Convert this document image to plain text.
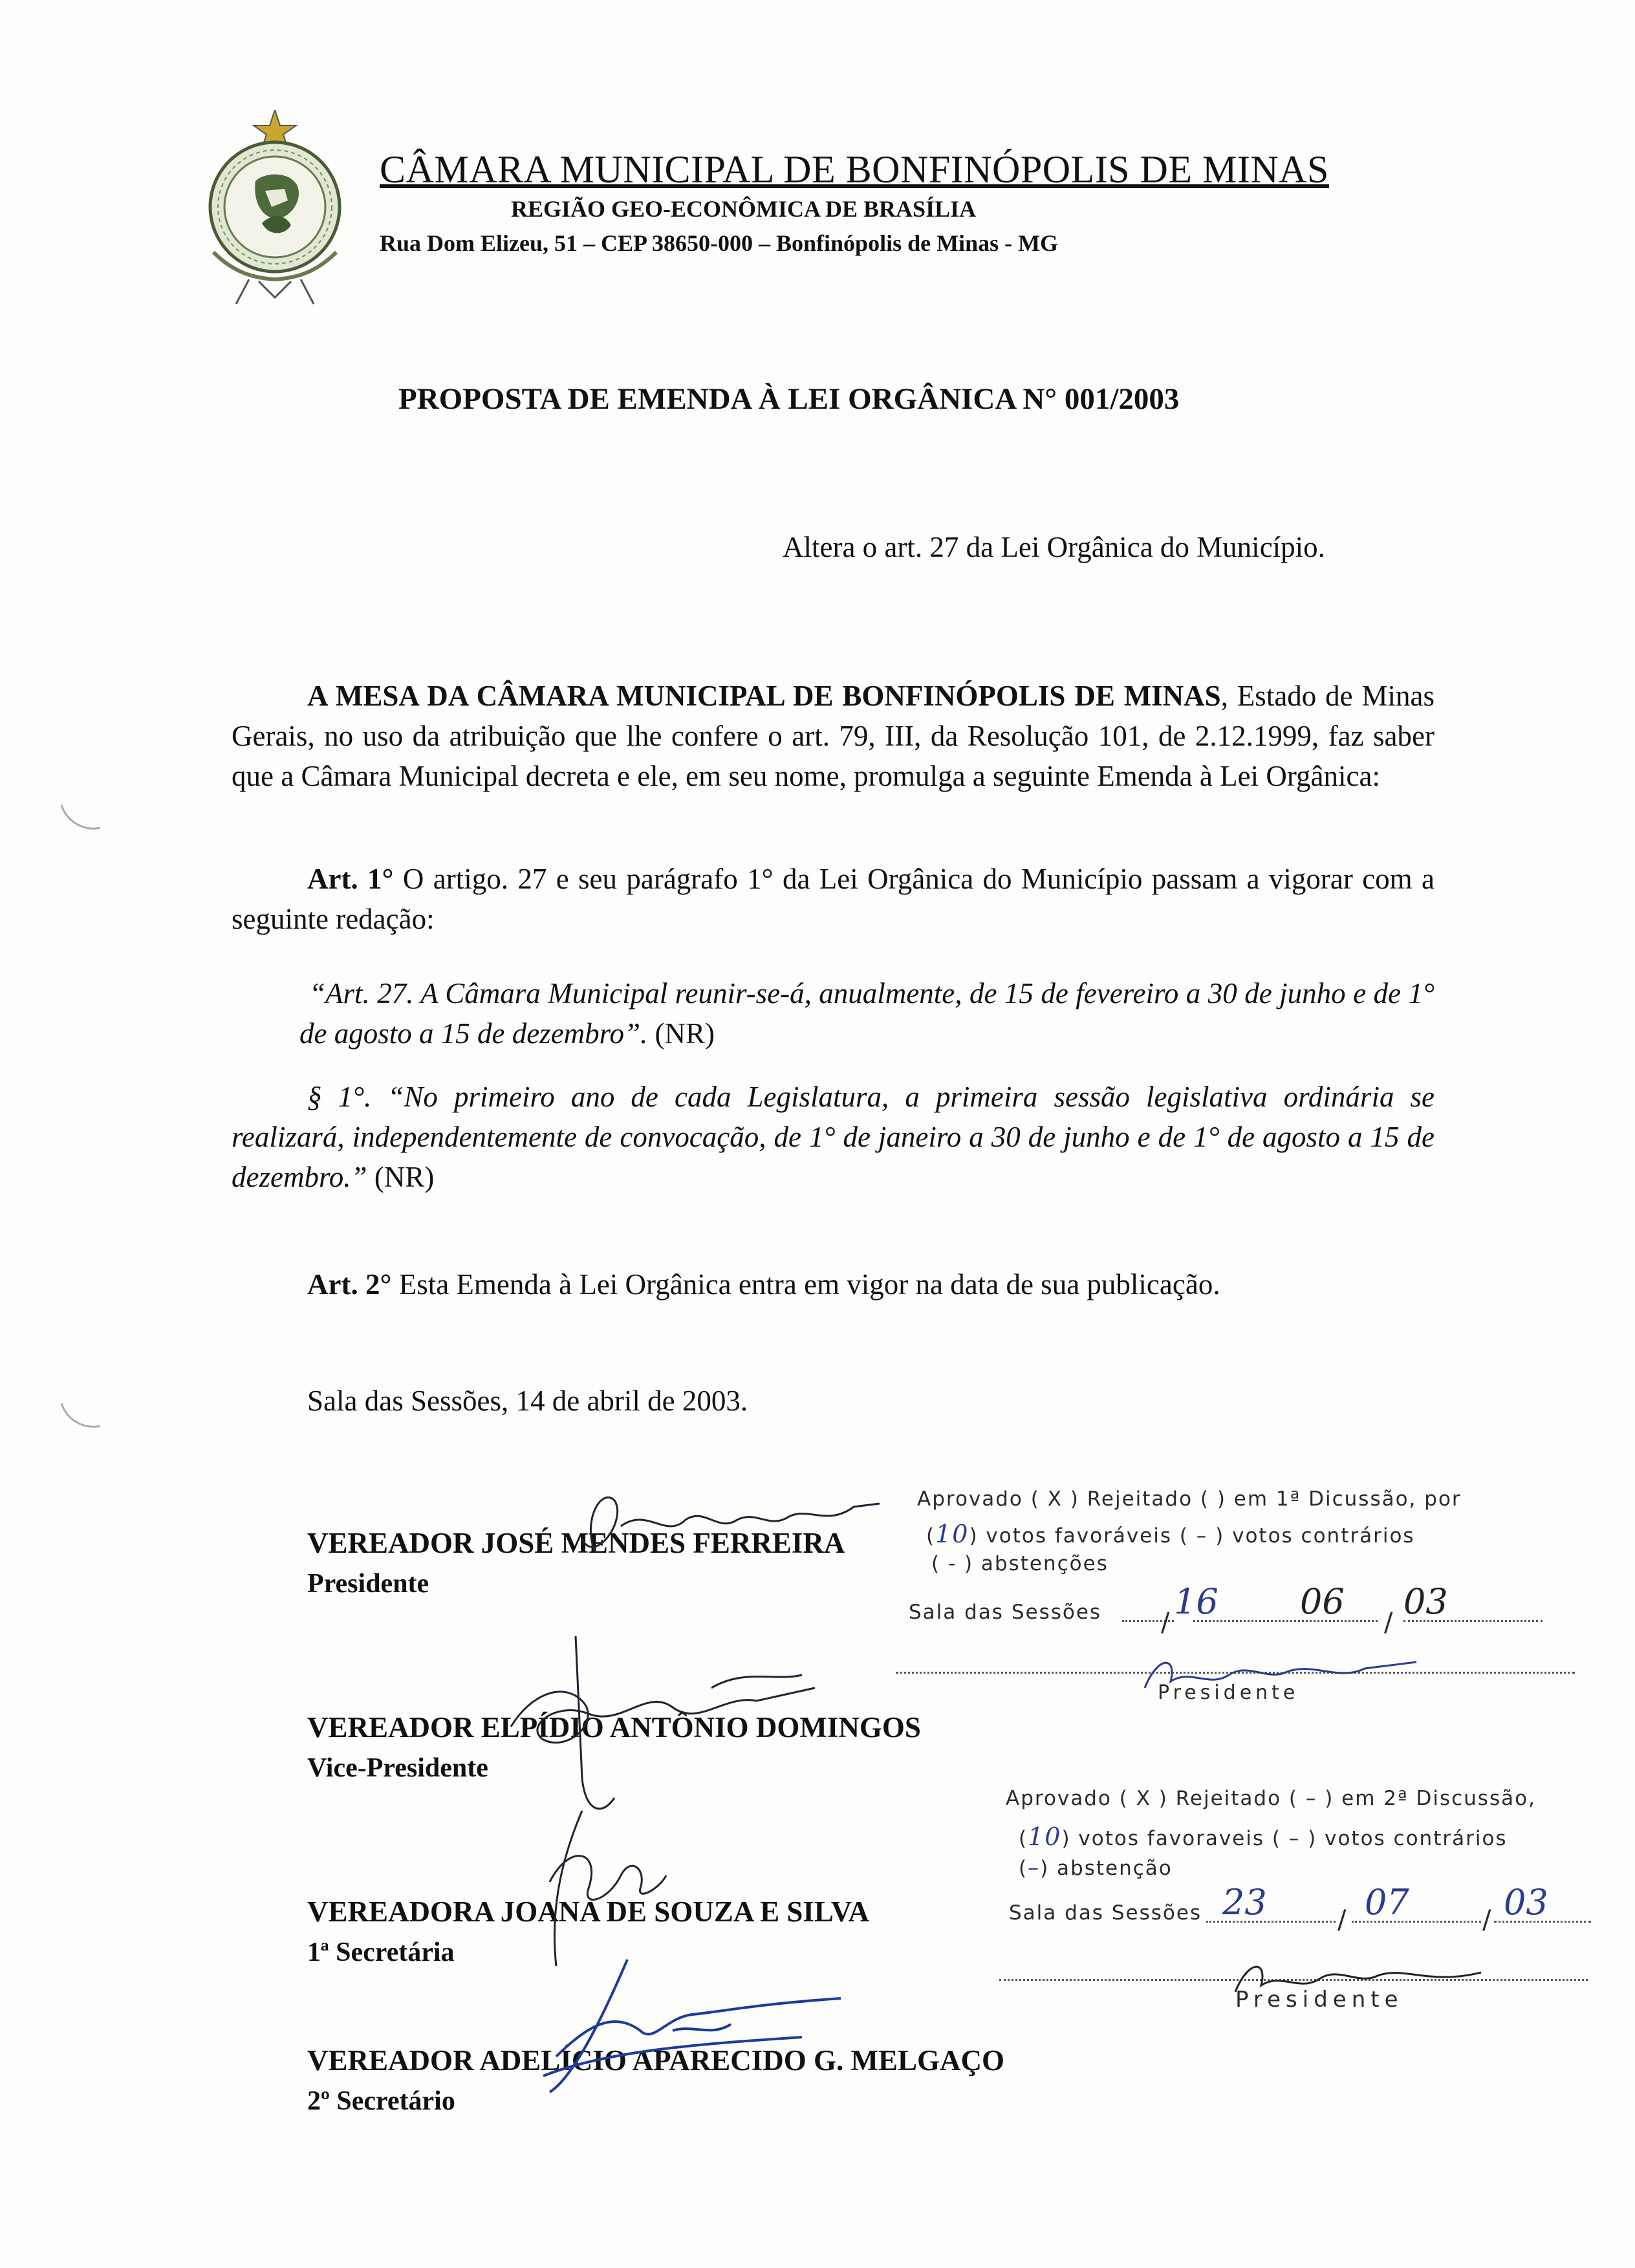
CÂMARA MUNICIPAL DE BONFINÓPOLIS DE MINAS
REGIÃO GEO-ECONÔMICA DE BRASÍLIA
Rua Dom Elizeu, 51 – CEP 38650-000 – Bonfinópolis de Minas - MG
PROPOSTA DE EMENDA À LEI ORGÂNICA N° 001/2003
Altera o art. 27 da Lei Orgânica do Município.
A MESA DA CÂMARA MUNICIPAL DE BONFINÓPOLIS DE MINAS, Estado de Minas Gerais, no uso da atribuição que lhe confere o art. 79, III, da Resolução 101, de 2.12.1999, faz saber que a Câmara Municipal decreta e ele, em seu nome, promulga a seguinte Emenda à Lei Orgânica:
Art. 1° O artigo. 27 e seu parágrafo 1° da Lei Orgânica do Município passam a vigorar com a seguinte redação:
“Art. 27. A Câmara Municipal reunir-se-á, anualmente, de 15 de fevereiro a 30 de junho e de 1° de agosto a 15 de dezembro”. (NR)
§ 1°. “No primeiro ano de cada Legislatura, a primeira sessão legislativa ordinária se realizará, independentemente de convocação, de 1° de janeiro a 30 de junho e de 1° de agosto a 15 de dezembro.” (NR)
Art. 2° Esta Emenda à Lei Orgânica entra em vigor na data de sua publicação.
Sala das Sessões, 14 de abril de 2003.
VEREADOR JOSÉ MENDES FERREIRA
Presidente
VEREADOR ELPÍDIO ANTÔNIO DOMINGOS
Vice-Presidente
VEREADORA JOANA DE SOUZA E SILVA
1ª Secretária
VEREADOR ADELÍCIO APARECIDO G. MELGAÇO
2º Secretário
Aprovado ( X ) Rejeitado ( ) em 1ª Dicussão, por
(10) votos favoráveis ( – ) votos contrários
( - ) abstenções
Sala das Sessões 16 06 03
/	/
Presidente
Aprovado ( X ) Rejeitado ( – ) em 2ª Discussão,
(10) votos favoraveis ( – ) votos contrários
(–) abstenção
Sala das Sessões 23	07	03
/	/
Presidente
